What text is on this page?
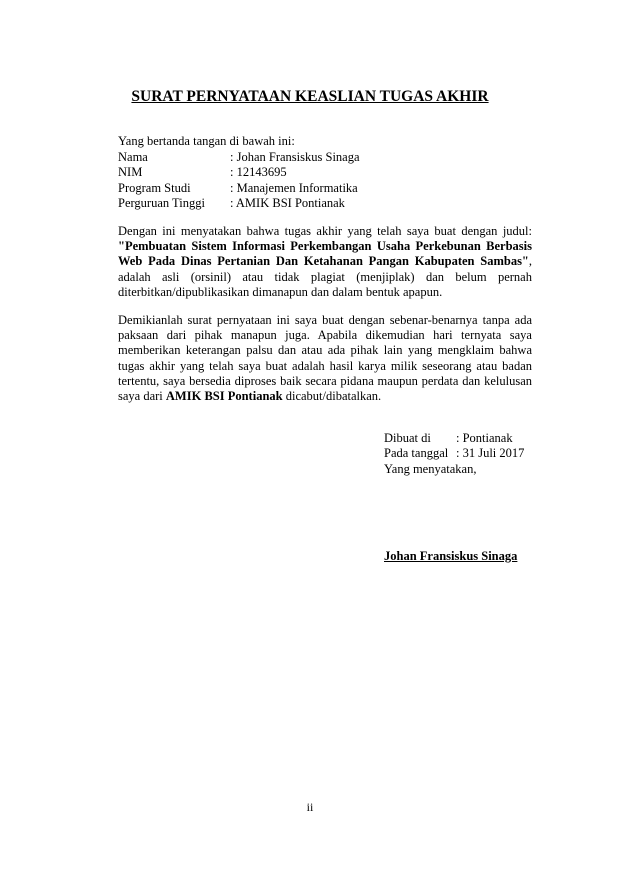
SURAT PERNYATAAN KEASLIAN TUGAS AKHIR
Yang bertanda tangan di bawah ini:
Nama	: Johan Fransiskus Sinaga
NIM	: 12143695
Program Studi	: Manajemen Informatika
Perguruan Tinggi	: AMIK BSI Pontianak
Dengan ini menyatakan bahwa tugas akhir yang telah saya buat dengan judul: "Pembuatan Sistem Informasi Perkembangan Usaha Perkebunan Berbasis Web Pada Dinas Pertanian Dan Ketahanan Pangan Kabupaten Sambas", adalah asli (orsinil) atau tidak plagiat (menjiplak) dan belum pernah diterbitkan/dipublikasikan dimanapun dan dalam bentuk apapun.
Demikianlah surat pernyataan ini saya buat dengan sebenar-benarnya tanpa ada paksaan dari pihak manapun juga. Apabila dikemudian hari ternyata saya memberikan keterangan palsu dan atau ada pihak lain yang mengklaim bahwa tugas akhir yang telah saya buat adalah hasil karya milik seseorang atau badan tertentu, saya bersedia diproses baik secara pidana maupun perdata dan kelulusan saya dari AMIK BSI Pontianak dicabut/dibatalkan.
Dibuat di	: Pontianak
Pada tanggal : 31 Juli 2017
Yang menyatakan,
Johan Fransiskus Sinaga
ii
